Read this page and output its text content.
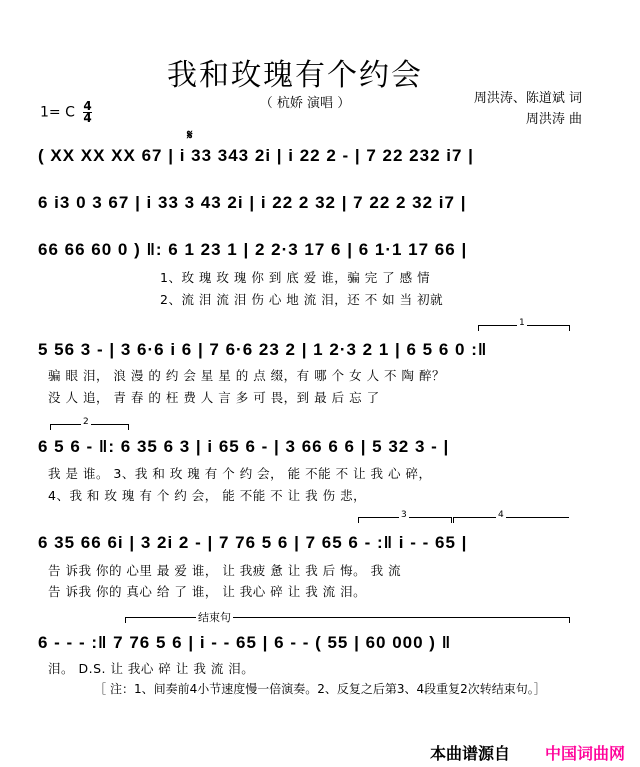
我和玫瑰有个约会
（ 杭娇 演唱 ）	周洪涛、陈道斌 词
周洪涛 曲
1= C $\frac{4}{4}$
𝄋
( XX XX XX 67 | i 33 343 2i | i 22 2 - | 7 22 232 i7 |
6 i3 0 3 67 | i 33 3 43 2i | i 22 2 32 | 7 22 2 32 i7 |
66 66 60 0 ) ‖: 6 1 23 1 | 2 2·3 17 6 | 6 1·1 17 66 |
1、玫 瑰 玫 瑰 你 到 底 爱 谁，骗 完 了 感 情
2、流 泪 流 泪 伤 心 地 流 泪，还 不 如 当 初就
1
5 56 3 - | 3 6·6 i 6 | 7 6·6 23 2 | 1 2·3 2 1 | 6 5 6 0 :‖
骗 眼 泪， 浪 漫 的 约 会 星 星 的 点 缀，有 哪 个 女 人 不 陶 醉？
没 人 追， 青 春 的 枉 费 人 言 多 可 畏，到 最 后 忘 了
2
6 5 6 - ‖: 6 35 6 3 | i 65 6 - | 3 66 6 6 | 5 32 3 - |
我 是 谁。 3、我 和 玫 瑰 有 个 约 会， 能 不能 不 让 我 心 碎，
4、我 和 玫 瑰 有 个 约 会， 能 不能 不 让 我 伤 悲，
3	4
6 35 66 6i | 3 2i 2 - | 7 76 5 6 | 7 65 6 - :‖ i - - 65 |
告 诉我 你的 心里 最 爱 谁， 让 我疲 惫 让 我 后 悔。 我 流
告 诉我 你的 真心 给 了 谁， 让 我心 碎 让 我 流 泪。
结束句
6 - - - :‖ 7 76 5 6 | i - - 65 | 6 - - ( 55 | 60 000 ) ‖
泪。 D.S. 让 我心 碎 让 我 流 泪。
［ 注：1、间奏前4小节速度慢一倍演奏。2、反复之后第3、4段重复2次转结束句。］
本曲谱源自 中国词曲网
